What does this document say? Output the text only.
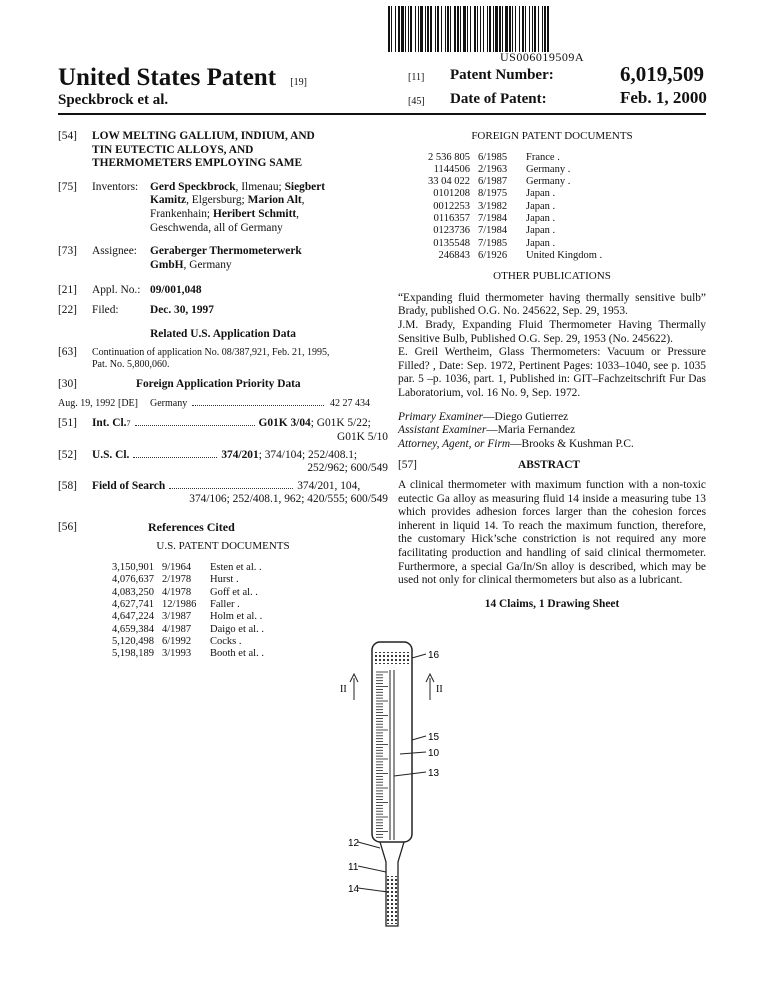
US006019509A
United States Patent [19]
Speckbrock et al.
[11] Patent Number:	6,019,509
[45] Date of Patent:	Feb. 1, 2000
[54]	LOW MELTING GALLIUM, INDIUM, AND
TIN EUTECTIC ALLOYS, AND
THERMOMETERS EMPLOYING SAME
[75]	Inventors:	Gerd Speckbrock, Ilmenau; Siegbert
Kamitz, Elgersburg; Marion Alt,
Frankenhain; Heribert Schmitt,
Geschwenda, all of Germany
[73]	Assignee:	Geraberger Thermometerwerk
GmbH, Germany
[21]	Appl. No.: 09/001,048
[22]	Filed:	Dec. 30, 1997
Related U.S. Application Data
[63]	Continuation of application No. 08/387,921, Feb. 21, 1995,
Pat. No. 5,800,060.
[30]	Foreign Application Priority Data
Aug. 19, 1992 [DE]	Germany	42 27 434
[51]	Int. Cl. 7	G01K 3/04 ; G01K 5/22;
G01K 5/10
[52]	U.S. Cl.	374/201 ; 374/104; 252/408.1;
252/962; 600/549
[58]	Field of Search	374/201, 104,
374/106; 252/408.1, 962; 420/555; 600/549
[56]	References Cited
U.S. PATENT DOCUMENTS
3,150,901	9/1964	Esten et al. .
4,076,637	2/1978	Hurst .
4,083,250	4/1978	Goff et al. .
4,627,741	12/1986	Faller .
4,647,224	3/1987	Holm et al. .
4,659,384	4/1987	Daigo et al. .
5,120,498	6/1992	Cocks .
5,198,189	3/1993	Booth et al. .
FOREIGN PATENT DOCUMENTS
2 536 805	6/1985	France .
1144506	2/1963	Germany .
33 04 022	6/1987	Germany .
0101208	8/1975	Japan .
0012253	3/1982	Japan .
0116357	7/1984	Japan .
0123736	7/1984	Japan .
0135548	7/1985	Japan .
246843	6/1926	United Kingdom .
OTHER PUBLICATIONS
“Expanding fluid thermometer having thermally sensitive bulb” Brady, published O.G. No. 245622, Sep. 29, 1953.
J.M. Brady, Expanding Fluid Thermometer Having Thermally Sensitive Bulb, Published O.G. Sep. 29, 1953 (No. 245622).
E. Greil Wertheim, Glass Thermometers: Vacuum or Pressure Filled? , Date: Sep. 1972, Pertinent Pages: 1033–1040, see p. 1035 par. 5 –p. 1036, part. 1, Published in: GIT–Fachzeitschrift Fur Das Laboratorium, vol. 16 No. 9, Sep. 1972.
Primary Examiner—Diego Gutierrez
Assistant Examiner—Maria Fernandez
Attorney, Agent, or Firm—Brooks & Kushman P.C.
[57]	ABSTRACT
A clinical thermometer with maximum function with a non-toxic eutectic Ga alloy as measuring fluid 14 inside a measuring tube 13 which provides adhesion forces larger than the cohesion forces inherent in liquid 14. To reach the maximum function, therefore, the customary Hick’sche constriction is not required any more facilitating production and handling of said clinical thermometer. Furthermore, a special Ga/In/Sn alloy is described, which may be used not only for clinical thermometers but also as a lubricant.
14 Claims, 1 Drawing Sheet
II	II
16
15
10
13
12
11
14
